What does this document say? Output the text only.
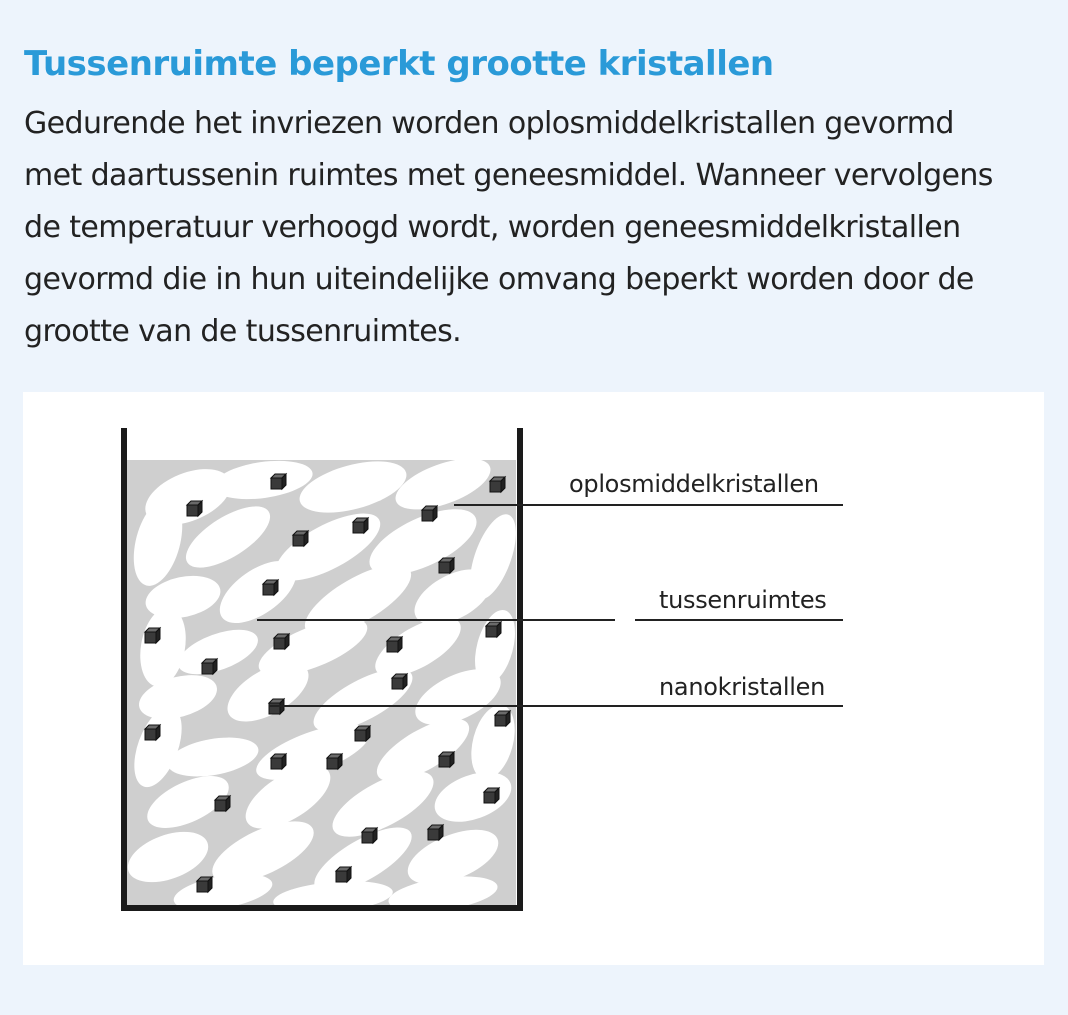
Tussenruimte beperkt grootte kristallen

Gedurende het invriezen worden oplosmiddelkristallen gevormd
met daartussenin ruimtes met geneesmiddel. Wanneer vervolgens
de temperatuur verhoogd wordt, worden geneesmiddelkristallen
gevormd die in hun uiteindelijke omvang beperkt worden door de
grootte van de tussenruimtes.

oplosmiddelkristallen
tussenruimtes
nanokristallen
